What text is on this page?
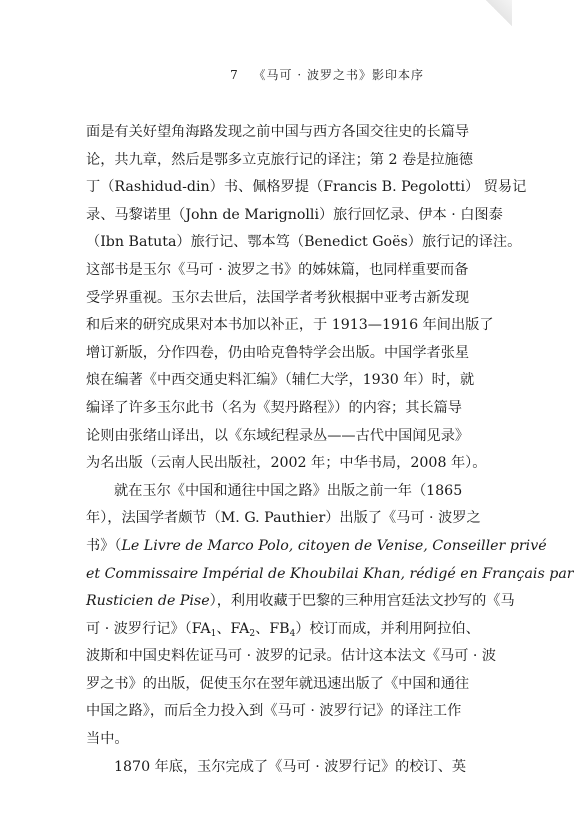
7 《马可 · 波罗之书》影印本序
面是有关好望角海路发现之前中国与西方各国交往史的长篇导
论，共九章，然后是鄂多立克旅行记的译注；第 2 卷是拉施德
丁（Rashidud-din）书、佩格罗提（Francis B. Pegolotti） 贸易记
录、马黎诺里（John de Marignolli）旅行回忆录、伊本 · 白图泰
（Ibn Batuta）旅行记、鄂本笃（Benedict Goës）旅行记的译注。
这部书是玉尔《马可 · 波罗之书》的姊妹篇，也同样重要而备
受学界重视。玉尔去世后，法国学者考狄根据中亚考古新发现
和后来的研究成果对本书加以补正，于 1913—1916 年间出版了
增订新版，分作四卷，仍由哈克鲁特学会出版。中国学者张星
烺在编著《中西交通史料汇编》（辅仁大学，1930 年）时，就
编译了许多玉尔此书（名为《契丹路程》）的内容；其长篇导
论则由张绪山译出，以《东域纪程录丛——古代中国闻见录》
为名出版（云南人民出版社，2002 年；中华书局，2008 年）。
就在玉尔《中国和通往中国之路》出版之前一年（1865
年），法国学者颇节（M. G. Pauthier）出版了《马可 · 波罗之
书》（Le Livre de Marco Polo, citoyen de Venise, Conseiller privé
et Commissaire Impérial de Khoubilai Khan, rédigé en Français par
Rusticien de Pise），利用收藏于巴黎的三种用宫廷法文抄写的《马
可 · 波罗行记》（$FA_1$、$FA_2$、$FB_4$）校订而成，并利用阿拉伯、
波斯和中国史料佐证马可 · 波罗的记录。估计这本法文《马可 · 波
罗之书》的出版，促使玉尔在翌年就迅速出版了《中国和通往
中国之路》，而后全力投入到《马可 · 波罗行记》的译注工作
当中。
1870 年底，玉尔完成了《马可 · 波罗行记》的校订、英
